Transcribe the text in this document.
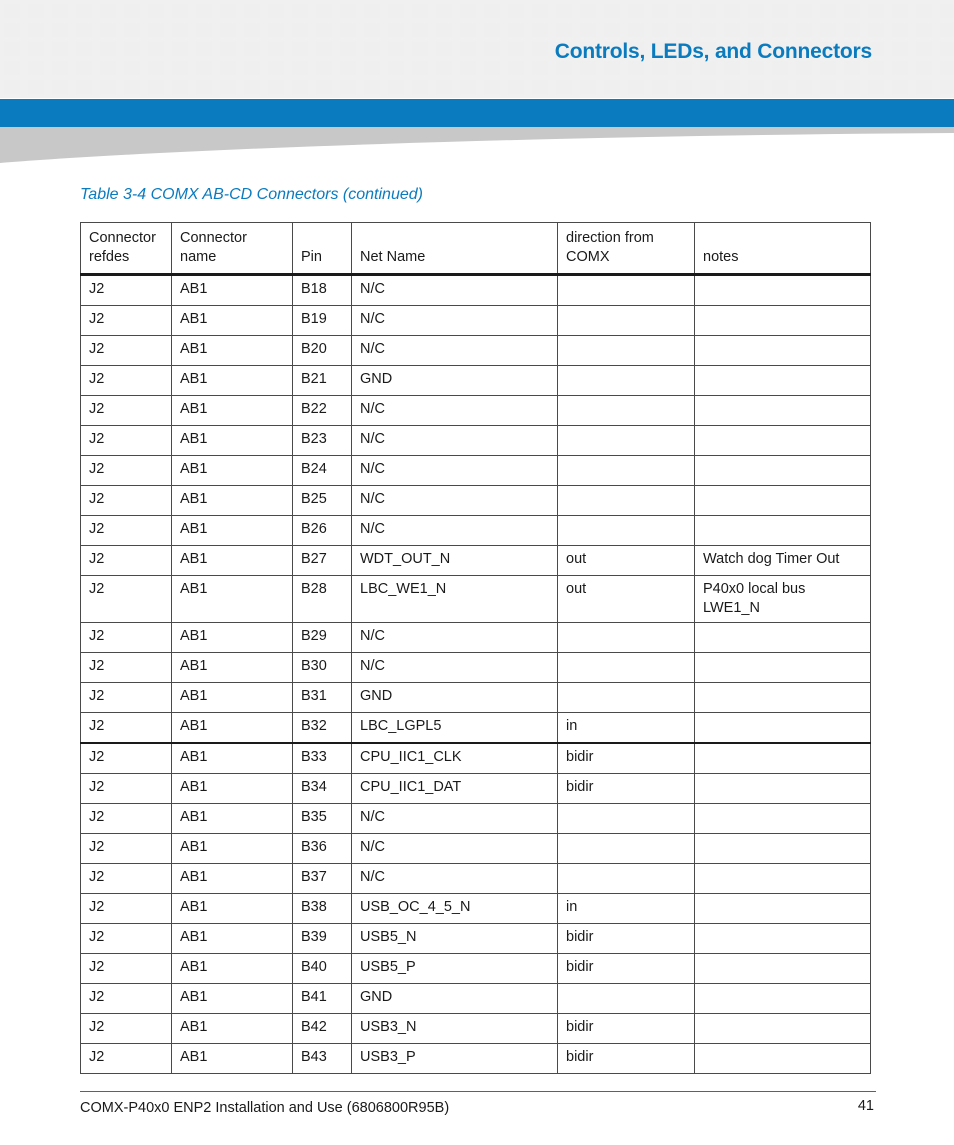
Controls, LEDs, and Connectors
Table 3-4 COMX AB-CD Connectors (continued)
Connector refdes	Connector name	Pin	Net Name	direction from COMX	notes
J2	AB1	B18	N/C		
J2	AB1	B19	N/C		
J2	AB1	B20	N/C		
J2	AB1	B21	GND		
J2	AB1	B22	N/C		
J2	AB1	B23	N/C		
J2	AB1	B24	N/C		
J2	AB1	B25	N/C		
J2	AB1	B26	N/C		
J2	AB1	B27	WDT_OUT_N	out	Watch dog Timer Out
J2	AB1	B28	LBC_WE1_N	out	P40x0 local bus LWE1_N
J2	AB1	B29	N/C		
J2	AB1	B30	N/C		
J2	AB1	B31	GND		
J2	AB1	B32	LBC_LGPL5	in	
J2	AB1	B33	CPU_IIC1_CLK	bidir	
J2	AB1	B34	CPU_IIC1_DAT	bidir	
J2	AB1	B35	N/C		
J2	AB1	B36	N/C		
J2	AB1	B37	N/C		
J2	AB1	B38	USB_OC_4_5_N	in	
J2	AB1	B39	USB5_N	bidir	
J2	AB1	B40	USB5_P	bidir	
J2	AB1	B41	GND		
J2	AB1	B42	USB3_N	bidir	
J2	AB1	B43	USB3_P	bidir	
COMX-P40x0 ENP2 Installation and Use (6806800R95B)	41
